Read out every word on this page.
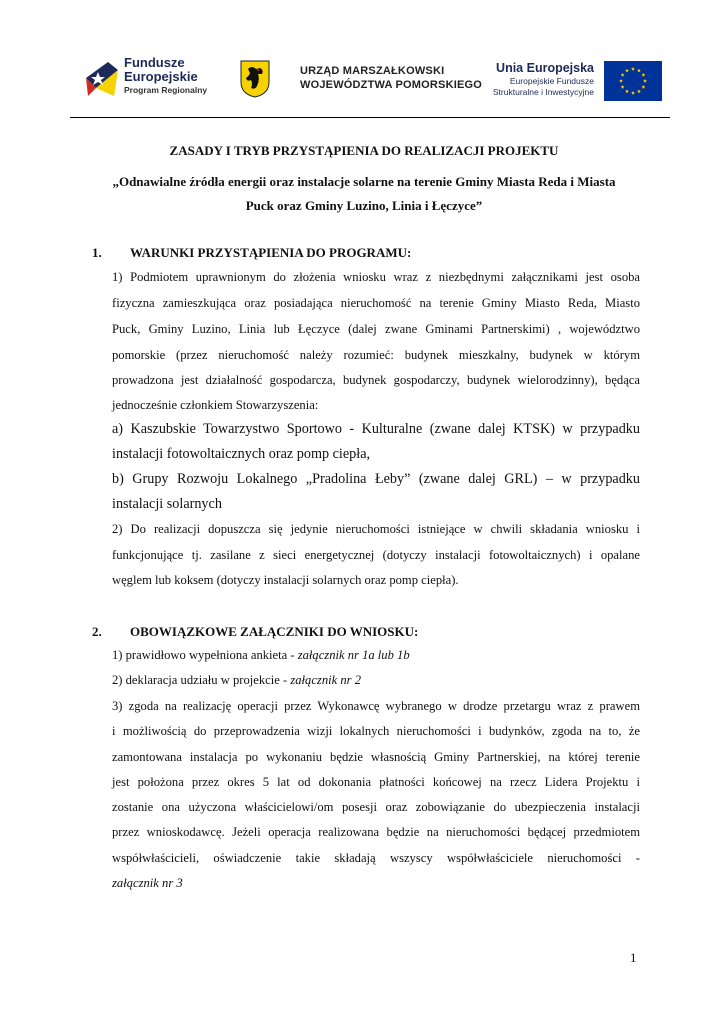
Fundusze
Europejskie
Program Regionalny
URZĄD MARSZAŁKOWSKI
WOJEWÓDZTWA POMORSKIEGO
Unia Europejska
Europejskie Fundusze
Strukturalne i Inwestycyjne
ZASADY I TRYB PRZYSTĄPIENIA DO REALIZACJI PROJEKTU
„Odnawialne źródła energii oraz instalacje solarne na terenie Gminy Miasta Reda i Miasta
Puck oraz Gminy Luzino, Linia i Łęczyce”
1. WARUNKI PRZYSTĄPIENIA DO PROGRAMU:
1) Podmiotem uprawnionym do złożenia wniosku wraz z niezbędnymi załącznikami jest osoba
fizyczna zamieszkująca oraz posiadająca nieruchomość na terenie Gminy Miasto Reda, Miasto
Puck, Gminy Luzino, Linia lub Łęczyce (dalej zwane Gminami Partnerskimi) , województwo
pomorskie (przez nieruchomość należy rozumieć: budynek mieszkalny, budynek w którym
prowadzona jest działalność gospodarcza, budynek gospodarczy, budynek wielorodzinny), będąca
jednocześnie członkiem Stowarzyszenia:
a) Kaszubskie Towarzystwo Sportowo - Kulturalne (zwane dalej KTSK) w przypadku
instalacji fotowoltaicznych oraz pomp ciepła,
b) Grupy Rozwoju Lokalnego „Pradolina Łeby” (zwane dalej GRL) – w przypadku
instalacji solarnych
2) Do realizacji dopuszcza się jedynie nieruchomości istniejące w chwili składania wniosku i
funkcjonujące tj. zasilane z sieci energetycznej (dotyczy instalacji fotowoltaicznych) i opalane
węglem lub koksem (dotyczy instalacji solarnych oraz pomp ciepła).
2. OBOWIĄZKOWE ZAŁĄCZNIKI DO WNIOSKU:
1) prawidłowo wypełniona ankieta - załącznik nr 1a lub 1b
2) deklaracja udziału w projekcie - załącznik nr 2
3) zgoda na realizację operacji przez Wykonawcę wybranego w drodze przetargu wraz z prawem
i możliwością do przeprowadzenia wizji lokalnych nieruchomości i budynków, zgoda na to, że
zamontowana instalacja po wykonaniu będzie własnością Gminy Partnerskiej, na której terenie
jest położona przez okres 5 lat od dokonania płatności końcowej na rzecz Lidera Projektu i
zostanie ona użyczona właścicielowi/om posesji oraz zobowiązanie do ubezpieczenia instalacji
przez wnioskodawcę. Jeżeli operacja realizowana będzie na nieruchomości będącej przedmiotem
współwłaścicieli, oświadczenie takie składają wszyscy współwłaściciele nieruchomości -
załącznik nr 3
1
